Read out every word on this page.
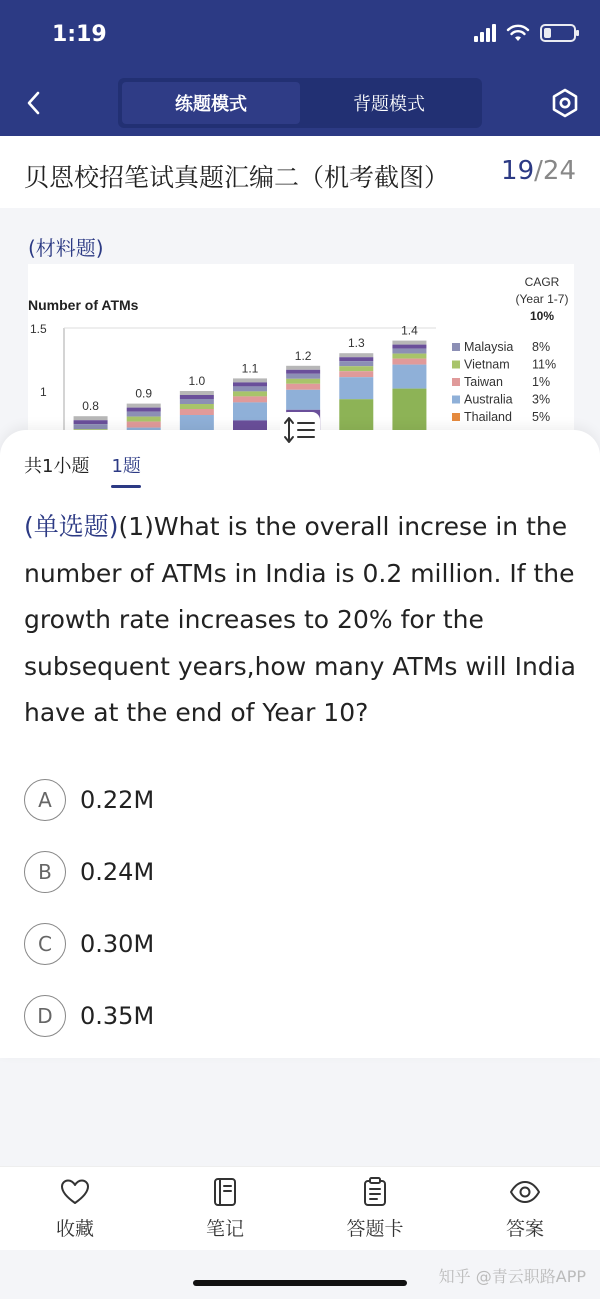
1:19
练题模式	背题模式
贝恩校招笔试真题汇编二（机考截图） 19/24
(材料题)
Number of ATMs
1.5
1
0.8
0.9
1.0
1.1
1.2
1.3
1.4
CAGR
(Year 1-7)
10%
Malaysia 8%
Vietnam 11%
Taiwan 1%
Australia 3%
Thailand 5%
共1小题 1题
(单选题)(1)What is the overall increse in the number of ATMs in India is 0.2 million. If the growth rate increases to 20% for the subsequent years,how many ATMs will India have at the end of Year 10?
A	0.22M
B	0.24M
C	0.30M
D	0.35M
收藏	笔记	答题卡	答案
知乎 @青云职路APP
